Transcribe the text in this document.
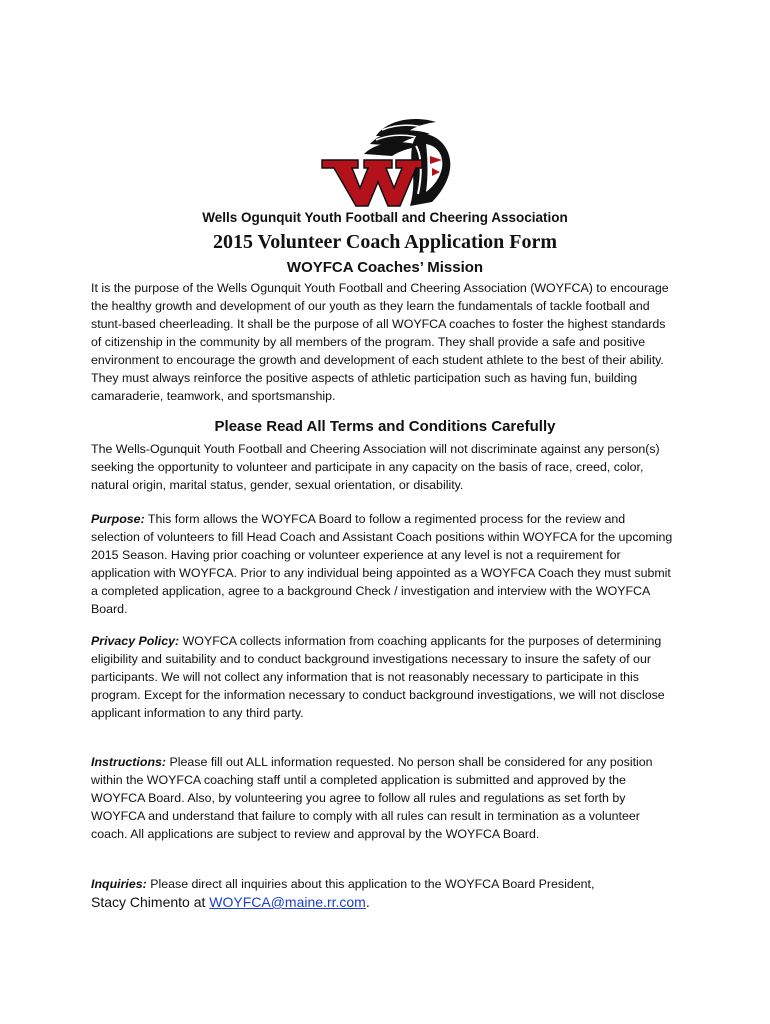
Wells Ogunquit Youth Football and Cheering Association
2015 Volunteer Coach Application Form
WOYFCA Coaches’ Mission
It is the purpose of the Wells Ogunquit Youth Football and Cheering Association (WOYFCA) to encourage the healthy growth and development of our youth as they learn the fundamentals of tackle football and stunt-based cheerleading. It shall be the purpose of all WOYFCA coaches to foster the highest standards of citizenship in the community by all members of the program. They shall provide a safe and positive environment to encourage the growth and development of each student athlete to the best of their ability. They must always reinforce the positive aspects of athletic participation such as having fun, building camaraderie, teamwork, and sportsmanship.
Please Read All Terms and Conditions Carefully
The Wells-Ogunquit Youth Football and Cheering Association will not discriminate against any person(s) seeking the opportunity to volunteer and participate in any capacity on the basis of race, creed, color, natural origin, marital status, gender, sexual orientation, or disability.
Purpose: This form allows the WOYFCA Board to follow a regimented process for the review and selection of volunteers to fill Head Coach and Assistant Coach positions within WOYFCA for the upcoming 2015 Season. Having prior coaching or volunteer experience at any level is not a requirement for application with WOYFCA. Prior to any individual being appointed as a WOYFCA Coach they must submit a completed application, agree to a background Check / investigation and interview with the WOYFCA Board.
Privacy Policy: WOYFCA collects information from coaching applicants for the purposes of determining eligibility and suitability and to conduct background investigations necessary to insure the safety of our participants. We will not collect any information that is not reasonably necessary to participate in this program. Except for the information necessary to conduct background investigations, we will not disclose applicant information to any third party.
Instructions: Please fill out ALL information requested. No person shall be considered for any position within the WOYFCA coaching staff until a completed application is submitted and approved by the WOYFCA Board. Also, by volunteering you agree to follow all rules and regulations as set forth by WOYFCA and understand that failure to comply with all rules can result in termination as a volunteer coach. All applications are subject to review and approval by the WOYFCA Board.
Inquiries: Please direct all inquiries about this application to the WOYFCA Board President,
Stacy Chimento at WOYFCA@maine.rr.com.
